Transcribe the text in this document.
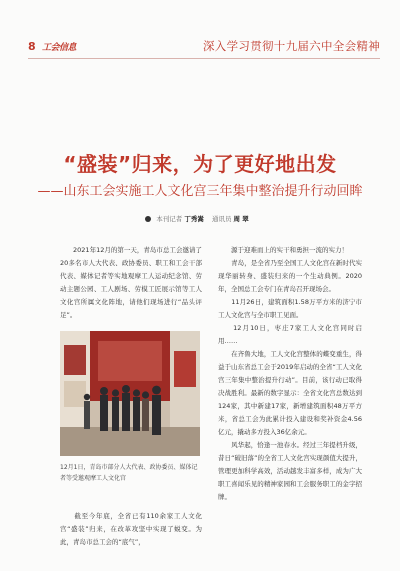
8 工会信息	深入学习贯彻十九届六中全会精神
“盛装”归来，为了更好地出发
——山东工会实施工人文化宫三年集中整治提升行动回眸
本刊记者 丁秀嵩 通讯员 周 翠

　　2021年12月的第一天，青岛市总工会邀请了20多名市人大代表、政协委员、职工和工会干部代表、媒体记者等实地观摩工人运动纪念馆、劳动主题公园、工人剧场、劳模工匠展示馆等工人文化宫所属文化阵地，请他们现场进行“品头评足”。

12月1日，青岛市部分人大代表、政协委员、媒体记者等受邀观摩工人文化宫

　　截至今年底，全省已有110余家工人文化宫“盛装”归来，在改革攻坚中实现了蜕变。为此，青岛市总工会的“底气”，

　　源于迎难而上的实干和勇担一流的实力！

　　青岛，是全省乃至全国工人文化宫在新时代实现华丽转身、盛装归来的一个生动典例。2020年，全国总工会专门在青岛召开现场会。

　　11月26日，建筑面积1.58万平方米的济宁市工人文化宫与全市职工见面。

　　12月10日，枣庄7家工人文化宫同时启用……

　　在齐鲁大地，工人文化宫整体的蝶变重生，得益于山东省总工会于2019年启动的全省“工人文化宫三年集中整治提升行动”。目前，该行动已取得决战胜利。最新的数字显示：全省文化宫总数达到124家，其中新建17家，新增建筑面积48万平方米，省总工会为此累计投入建设和奖补资金4.56亿元，撬动多方投入36亿余元。

　　风华起，恰逢一池春水。经过三年提档升级，昔日“破旧落”的全省工人文化宫实现颜值大提升，管理更加科学高效，活动越发丰富多样，成为广大职工喜闻乐见的精神家园和工会服务职工的金字招牌。
